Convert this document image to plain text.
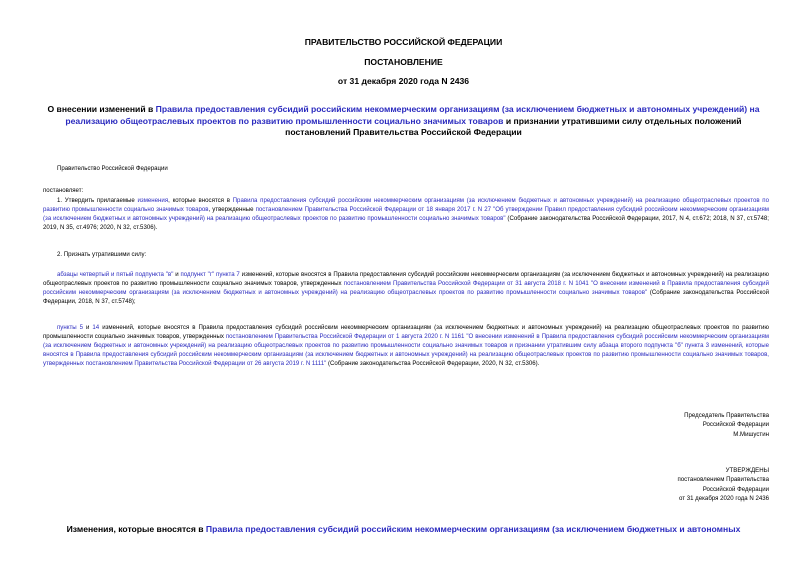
ПРАВИТЕЛЬСТВО РОССИЙСКОЙ ФЕДЕРАЦИИ
ПОСТАНОВЛЕНИЕ
от 31 декабря 2020 года N 2436
О внесении изменений в Правила предоставления субсидий российским некоммерческим организациям (за исключением бюджетных и автономных учреждений) на реализацию общеотраслевых проектов по развитию промышленности социально значимых товаров и признании утратившими силу отдельных положений постановлений Правительства Российской Федерации
Правительство Российской Федерации
постановляет:
1. Утвердить прилагаемые изменения, которые вносятся в Правила предоставления субсидий российским некоммерческим организациям (за исключением бюджетных и автономных учреждений) на реализацию общеотраслевых проектов по развитию промышленности социально значимых товаров, утвержденные постановлением Правительства Российской Федерации от 18 января 2017 г. N 27 "Об утверждении Правил предоставления субсидий российским некоммерческим организациям (за исключением бюджетных и автономных учреждений) на реализацию общеотраслевых проектов по развитию промышленности социально значимых товаров" (Собрание законодательства Российской Федерации, 2017, N 4, ст.672; 2018, N 37, ст.5748; 2019, N 35, ст.4976; 2020, N 32, ст.5306).
2. Признать утратившими силу:
абзацы четвертый и пятый подпункта "в" и подпункт "г" пункта 7 изменений, которые вносятся в Правила предоставления субсидий российским некоммерческим организациям (за исключением бюджетных и автономных учреждений) на реализацию общеотраслевых проектов по развитию промышленности социально значимых товаров, утвержденных постановлением Правительства Российской Федерации от 31 августа 2018 г. N 1041 "О внесении изменений в Правила предоставления субсидий российским некоммерческим организациям (за исключением бюджетных и автономных учреждений) на реализацию общеотраслевых проектов по развитию промышленности социально значимых товаров" (Собрание законодательства Российской Федерации, 2018, N 37, ст.5748);
пункты 5 и 14 изменений, которые вносятся в Правила предоставления субсидий российским некоммерческим организациям (за исключением бюджетных и автономных учреждений) на реализацию общеотраслевых проектов по развитию промышленности социально значимых товаров, утвержденных постановлением Правительства Российской Федерации от 1 августа 2020 г. N 1161 "О внесении изменений в Правила предоставления субсидий российским некоммерческим организациям (за исключением бюджетных и автономных учреждений) на реализацию общеотраслевых проектов по развитию промышленности социально значимых товаров и признании утратившим силу абзаца второго подпункта "б" пункта 3 изменений, которые вносятся в Правила предоставления субсидий российским некоммерческим организациям (за исключением бюджетных и автономных учреждений) на реализацию общеотраслевых проектов по развитию промышленности социально значимых товаров, утвержденных постановлением Правительства Российской Федерации от 26 августа 2019 г. N 1111" (Собрание законодательства Российской Федерации, 2020, N 32, ст.5306).
Председатель Правительства
Российской Федерации
М.Мишустин
УТВЕРЖДЕНЫ
постановлением Правительства
Российской Федерации
от 31 декабря 2020 года N 2436
Изменения, которые вносятся в Правила предоставления субсидий российским некоммерческим организациям (за исключением бюджетных и автономных
